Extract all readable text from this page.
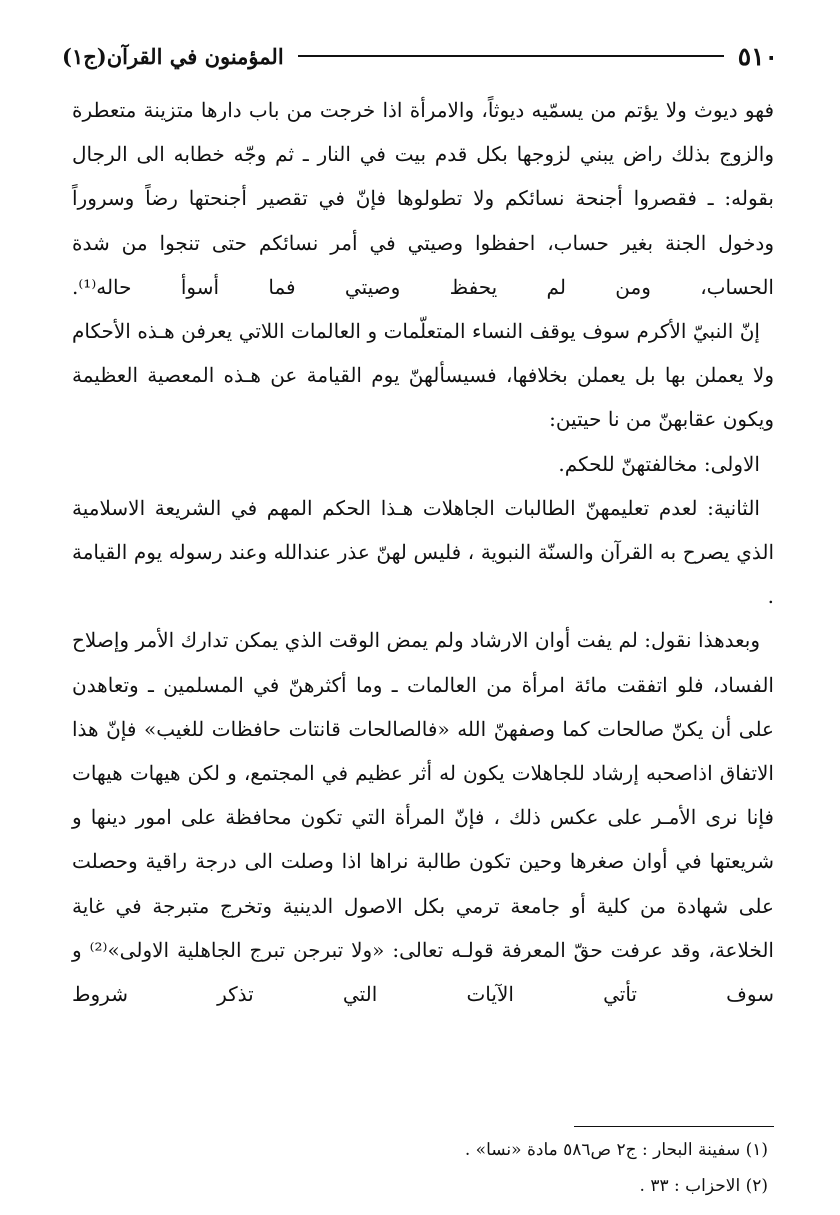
٥١٠
المؤمنون في القرآن(ج١)

فهو ديوث ولا يؤتم من يسمّيه ديوثاً، والامرأة اذا خرجت من باب دارها متزينة متعطرة والزوج بذلك راض يبني لزوجها بكل قدم بيت في النار ـ ثم وجّه خطابه الى الرجال بقوله: ـ فقصروا أجنحة نسائكم ولا تطولوها فإنّ في تقصير أجنحتها رضاً وسروراً ودخول الجنة بغير حساب، احفظوا وصيتي في أمر نسائكم حتى تنجوا من شدة الحساب، ومن لم يحفظ وصيتي فما أسوأ حاله⁽¹⁾.

إنّ النبيّ الأكرم سوف يوقف النساء المتعلّمات و العالمات اللاتي يعرفن هـذه الأحكام ولا يعملن بها بل يعملن بخلافها، فسيسألهنّ يوم القيامة عن هـذه المعصية العظيمة ويكون عقابهنّ من نا حيتين:

الاولى: مخالفتهنّ للحكم.

الثانية: لعدم تعليمهنّ الطالبات الجاهلات هـذا الحكم المهم في الشريعة الاسلامية الذي يصرح به القرآن والسنّة النبوية ، فليس لهنّ عذر عندالله وعند رسوله يوم القيامة .

وبعدهذا نقول: لم يفت أوان الارشاد ولم يمض الوقت الذي يمكن تدارك الأمر وإصلاح الفساد، فلو اتفقت مائة امرأة من العالمات ـ وما أكثرهنّ في المسلمين ـ وتعاهدن على أن يكنّ صالحات كما وصفهنّ الله «فالصالحات قانتات حافظات للغيب» فإنّ هذا الاتفاق اذاصحبه إرشاد للجاهلات يكون له أثر عظيم في المجتمع، و لكن هيهات هيهات فإنا نرى الأمـر على عكس ذلك ، فإنّ المرأة التي تكون محافظة على امور دينها و شريعتها في أوان صغرها وحين تكون طالبة نراها اذا وصلت الى درجة راقية وحصلت على شهادة من كلية أو جامعة ترمي بكل الاصول الدينية وتخرج متبرجة في غاية الخلاعة، وقد عرفت حقّ المعرفة قولـه تعالى: «ولا تبرجن تبرج الجاهلية الاولى»⁽²⁾ و سوف تأتي الآيات التي تذكر شروط

(١) سفينة البحار : ج٢ ص٥٨٦ مادة «نسا» .

(٢) الاحزاب : ٣٣ .
